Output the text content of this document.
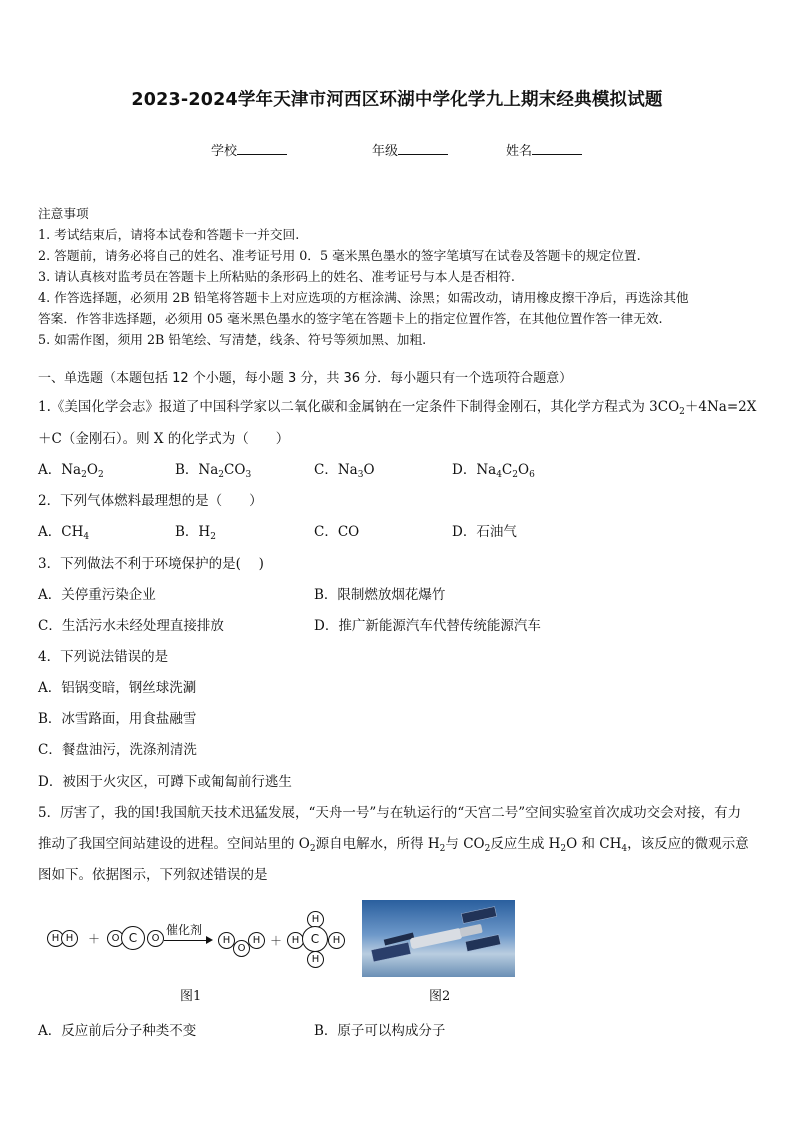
2023-2024学年天津市河西区环湖中学化学九上期末经典模拟试题
学校	年级	姓名
注意事项
1. 考试结束后，请将本试卷和答题卡一并交回.
2. 答题前，请务必将自己的姓名、准考证号用 0．5 毫米黑色墨水的签字笔填写在试卷及答题卡的规定位置.
3. 请认真核对监考员在答题卡上所粘贴的条形码上的姓名、准考证号与本人是否相符.
4. 作答选择题，必须用 2B 铅笔将答题卡上对应选项的方框涂满、涂黑；如需改动，请用橡皮擦干净后，再选涂其他
答案．作答非选择题，必须用 05 毫米黑色墨水的签字笔在答题卡上的指定位置作答，在其他位置作答一律无效.
5. 如需作图，须用 2B 铅笔绘、写清楚，线条、符号等须加黑、加粗.
一、单选题（本题包括 12 个小题，每小题 3 分，共 36 分．每小题只有一个选项符合题意）
1.《美国化学会志》报道了中国科学家以二氧化碳和金属钠在一定条件下制得金刚石，其化学方程式为 $3CO_2+4Na=2X$
＋C（金刚石）。则 X 的化学式为（　　）
A．$Na_2O_2$	B．$Na_2CO_3$	C．$Na_3O$	D．$Na_4C_2O_6$
2．下列气体燃料最理想的是（　　）
A．$CH_4$	B．$H_2$	C．CO	D．石油气
3．下列做法不利于环境保护的是(　 )
A．关停重污染企业	B．限制燃放烟花爆竹
C．生活污水未经处理直接排放	D．推广新能源汽车代替传统能源汽车
4．下列说法错误的是
A．铝锅变暗，钢丝球洗涮
B．冰雪路面，用食盐融雪
C．餐盘油污，洗涤剂清洗
D．被困于火灾区，可蹲下或匍匐前行逃生
5．厉害了，我的国!我国航天技术迅猛发展，“天舟一号”与在轨运行的“天宫二号”空间实验室首次成功交会对接，有力
推动了我国空间站建设的进程。空间站里的 $O_2$源自电解水，所得 $H_2$与 $CO_2$反应生成 $H_2O$ 和 $CH_4$，该反应的微观示意
图如下。依据图示，下列叙述错误的是
H H	＋	O C	O
催化剂
H
O
H ＋
H
H C	H
H
图1	图2
A．反应前后分子种类不变	B．原子可以构成分子
